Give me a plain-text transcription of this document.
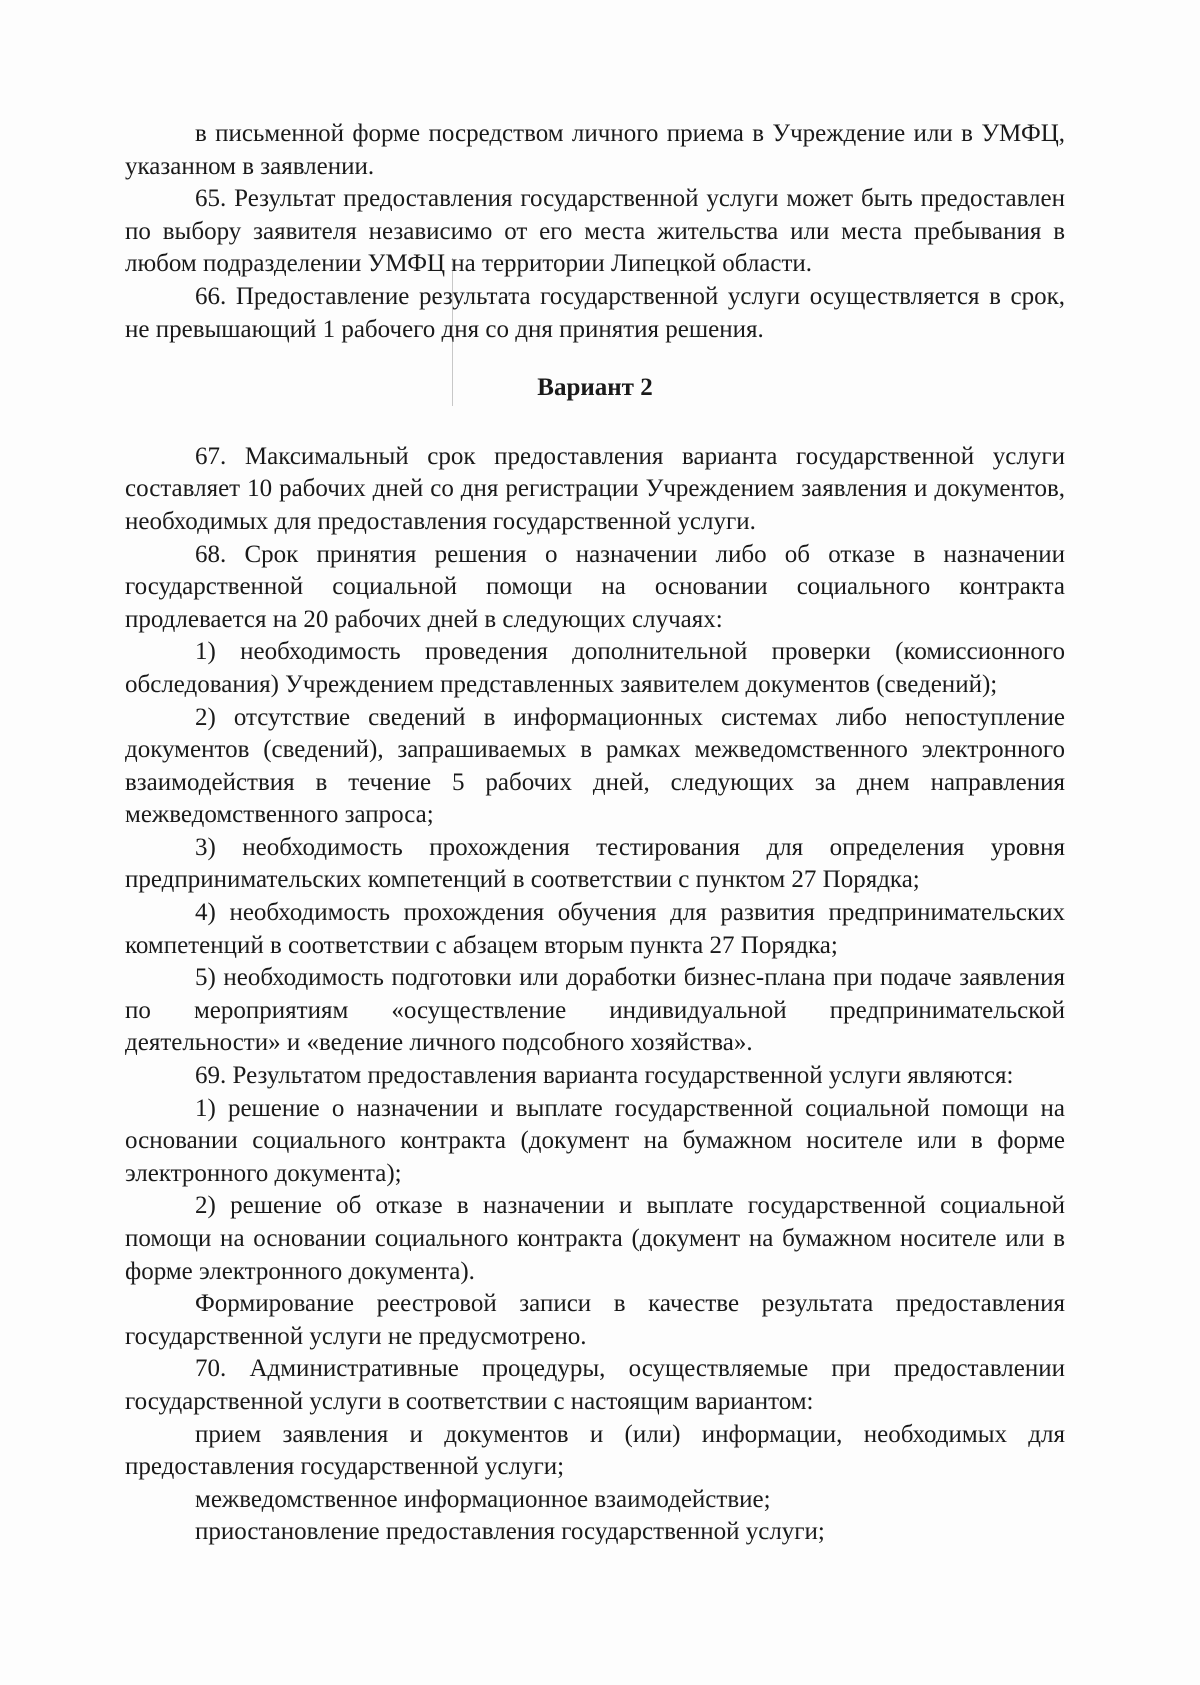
в письменной форме посредством личного приема в Учреждение или в УМФЦ, указанном в заявлении.

65. Результат предоставления государственной услуги может быть предоставлен по выбору заявителя независимо от его места жительства или места пребывания в любом подразделении УМФЦ на территории Липецкой области.

66. Предоставление результата государственной услуги осуществляется в срок, не превышающий 1 рабочего дня со дня принятия решения.

Вариант 2

67. Максимальный срок предоставления варианта государственной услуги составляет 10 рабочих дней со дня регистрации Учреждением заявления и документов, необходимых для предоставления государственной услуги.

68. Срок принятия решения о назначении либо об отказе в назначении государственной социальной помощи на основании социального контракта продлевается на 20 рабочих дней в следующих случаях:

1) необходимость проведения дополнительной проверки (комиссионного обследования) Учреждением представленных заявителем документов (сведений);

2) отсутствие сведений в информационных системах либо непоступление документов (сведений), запрашиваемых в рамках межведомственного электронного взаимодействия в течение 5 рабочих дней, следующих за днем направления межведомственного запроса;

3) необходимость прохождения тестирования для определения уровня предпринимательских компетенций в соответствии с пунктом 27 Порядка;

4) необходимость прохождения обучения для развития предпринимательских компетенций в соответствии с абзацем вторым пункта 27 Порядка;

5) необходимость подготовки или доработки бизнес-плана при подаче заявления по мероприятиям «осуществление индивидуальной предпринимательской деятельности» и «ведение личного подсобного хозяйства».

69. Результатом предоставления варианта государственной услуги являются:

1) решение о назначении и выплате государственной социальной помощи на основании социального контракта (документ на бумажном носителе или в форме электронного документа);

2) решение об отказе в назначении и выплате государственной социальной помощи на основании социального контракта (документ на бумажном носителе или в форме электронного документа).

Формирование реестровой записи в качестве результата предоставления государственной услуги не предусмотрено.

70. Административные процедуры, осуществляемые при предоставлении государственной услуги в соответствии с настоящим вариантом:

прием заявления и документов и (или) информации, необходимых для предоставления государственной услуги;

межведомственное информационное взаимодействие;

приостановление предоставления государственной услуги;
